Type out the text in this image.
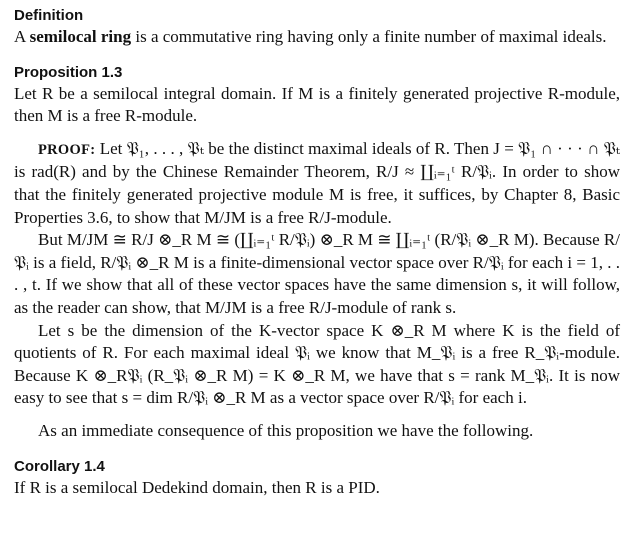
Definition
A semilocal ring is a commutative ring having only a finite number of maximal ideals.
Proposition 1.3
Let R be a semilocal integral domain. If M is a finitely generated projective R-module, then M is a free R-module.
PROOF: Let 𝔓₁, . . . , 𝔓ₜ be the distinct maximal ideals of R. Then J = 𝔓₁ ∩ · · · ∩ 𝔓ₜ is rad(R) and by the Chinese Remainder Theorem, R/J ≈ ∐ᵢ₌₁ᵗ R/𝔓ᵢ. In order to show that the finitely generated projective module M is free, it suffices, by Chapter 8, Basic Properties 3.6, to show that M/JM is a free R/J-module.
But M/JM ≅ R/J ⊗_R M ≅ (∐ᵢ₌₁ᵗ R/𝔓ᵢ) ⊗_R M ≅ ∐ᵢ₌₁ᵗ (R/𝔓ᵢ ⊗_R M). Because R/𝔓ᵢ is a field, R/𝔓ᵢ ⊗_R M is a finite-dimensional vector space over R/𝔓ᵢ for each i = 1, . . . , t. If we show that all of these vector spaces have the same dimension s, it will follow, as the reader can show, that M/JM is a free R/J-module of rank s.
Let s be the dimension of the K-vector space K ⊗_R M where K is the field of quotients of R. For each maximal ideal 𝔓ᵢ we know that M_𝔓ᵢ is a free R_𝔓ᵢ-module. Because K ⊗_R𝔓ᵢ (R_𝔓ᵢ ⊗_R M) = K ⊗_R M, we have that s = rank M_𝔓ᵢ. It is now easy to see that s = dim R/𝔓ᵢ ⊗_R M as a vector space over R/𝔓ᵢ for each i.
As an immediate consequence of this proposition we have the following.
Corollary 1.4
If R is a semilocal Dedekind domain, then R is a PID.
